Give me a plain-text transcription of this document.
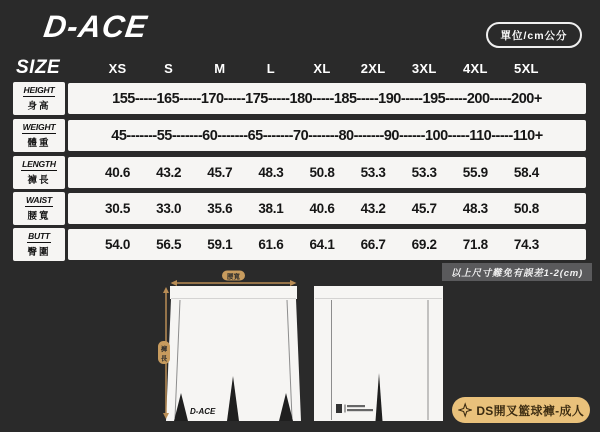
D-ACE	單位/cm公分
SIZE	XS	S	M	L	XL	2XL	3XL	4XL	5XL
HEIGHT
身高
155-----165-----170-----175-----180-----185-----190-----195-----200-----200+
WEIGHT
體重
45-------55-------60-------65-------70-------80-------90------100-----110-----110+
LENGTH
褲長
40.6	43.2	45.7	48.3	50.8	53.3	53.3	55.9	58.4
WAIST
腰寬
30.5	33.0	35.6	38.1	40.6	43.2	45.7	48.3	50.8
BUTT
臀圍
54.0	56.5	59.1	61.6	64.1	66.7	69.2	71.8	74.3
以上尺寸難免有誤差1-2(cm)
D-ACE
腰寬
褲
長
DS開叉籃球褲-成人
